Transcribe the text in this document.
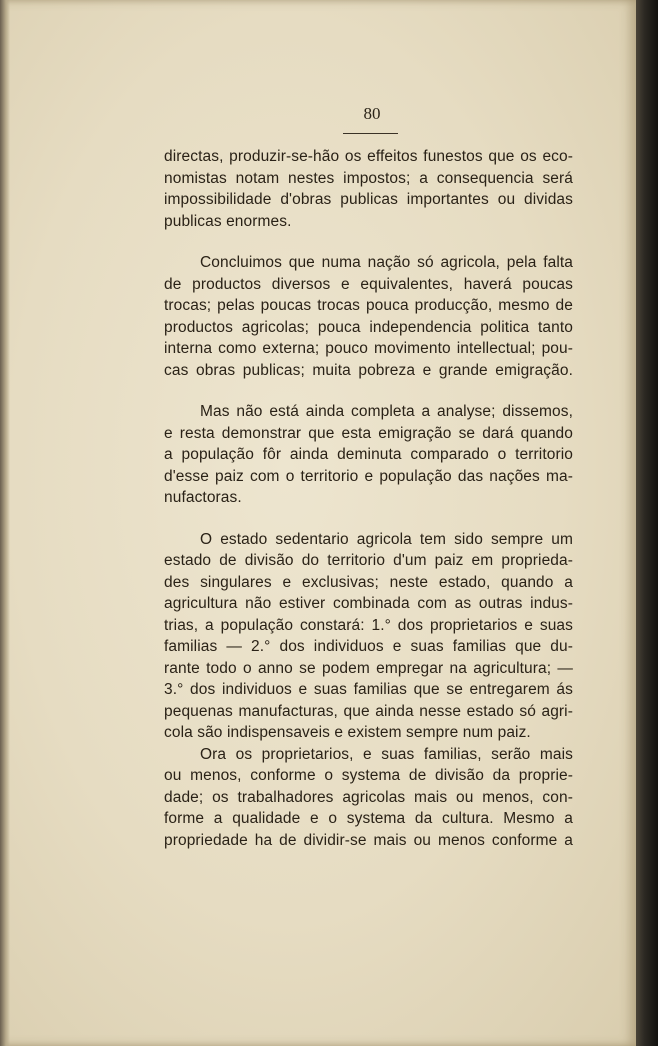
80
directas, produzir-se-hão os effeitos funestos que os eco-
nomistas notam nestes impostos; a consequencia será
impossibilidade d'obras publicas importantes ou dividas
publicas enormes.
Concluimos que numa nação só agricola, pela falta
de productos diversos e equivalentes, haverá poucas
trocas; pelas poucas trocas pouca producção, mesmo de
productos agricolas; pouca independencia politica tanto
interna como externa; pouco movimento intellectual; pou-
cas obras publicas; muita pobreza e grande emigração.
Mas não está ainda completa a analyse; dissemos,
e resta demonstrar que esta emigração se dará quando
a população fôr ainda deminuta comparado o territorio
d'esse paiz com o territorio e população das nações ma-
nufactoras.
O estado sedentario agricola tem sido sempre um
estado de divisão do territorio d'um paiz em proprieda-
des singulares e exclusivas; neste estado, quando a
agricultura não estiver combinada com as outras indus-
trias, a população constará: 1.° dos proprietarios e suas
familias — 2.° dos individuos e suas familias que du-
rante todo o anno se podem empregar na agricultura; —
3.° dos individuos e suas familias que se entregarem ás
pequenas manufacturas, que ainda nesse estado só agri-
cola são indispensaveis e existem sempre num paiz.
Ora os proprietarios, e suas familias, serão mais
ou menos, conforme o systema de divisão da proprie-
dade; os trabalhadores agricolas mais ou menos, con-
forme a qualidade e o systema da cultura. Mesmo a
propriedade ha de dividir-se mais ou menos conforme a
